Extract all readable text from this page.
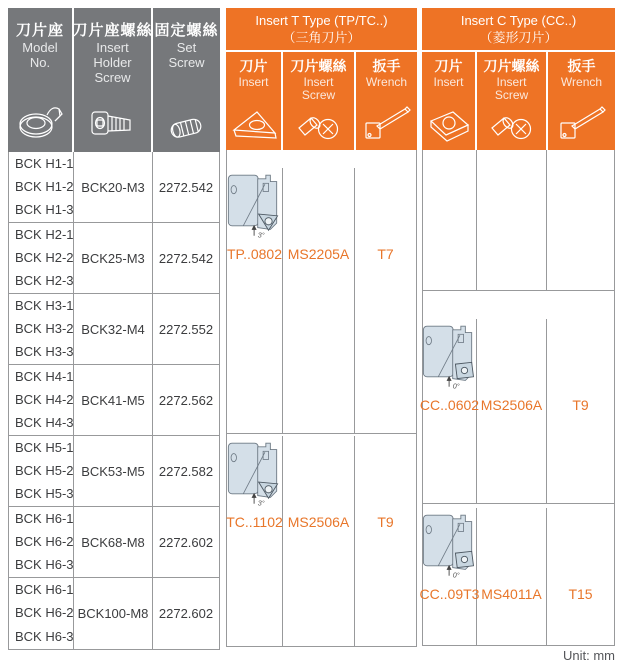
刀片座
Model
No.
刀片座螺絲
Insert
Holder
Screw
固定螺絲
Set
Screw
BCK H1-1
BCK H1-2
BCK H1-3
BCK20-M3	2272.542
BCK H2-1
BCK H2-2
BCK H2-3
BCK25-M3	2272.542
BCK H3-1
BCK H3-2
BCK H3-3
BCK32-M4	2272.552
BCK H4-1
BCK H4-2
BCK H4-3
BCK41-M5	2272.562
BCK H5-1
BCK H5-2
BCK H5-3
BCK53-M5	2272.582
BCK H6-1
BCK H6-2
BCK H6-3
BCK68-M8	2272.602
BCK H6-1
BCK H6-2
BCK H6-3
BCK100-M8 2272.602
Insert T Type (TP/TC..)
（三角刀片）
刀片
Insert
刀片螺絲
Insert
Screw
扳手
Wrench
3°
TP..0802 MS2205A T7
3°
TC..1102 MS2506A T9
Insert C Type (CC..)
（菱形刀片）
刀片
Insert
刀片螺絲
Insert
Screw
扳手
Wrench
0°
CC..0602 MS2506A T9
0°
CC..09T3 MS4011A T15
Unit: mm
